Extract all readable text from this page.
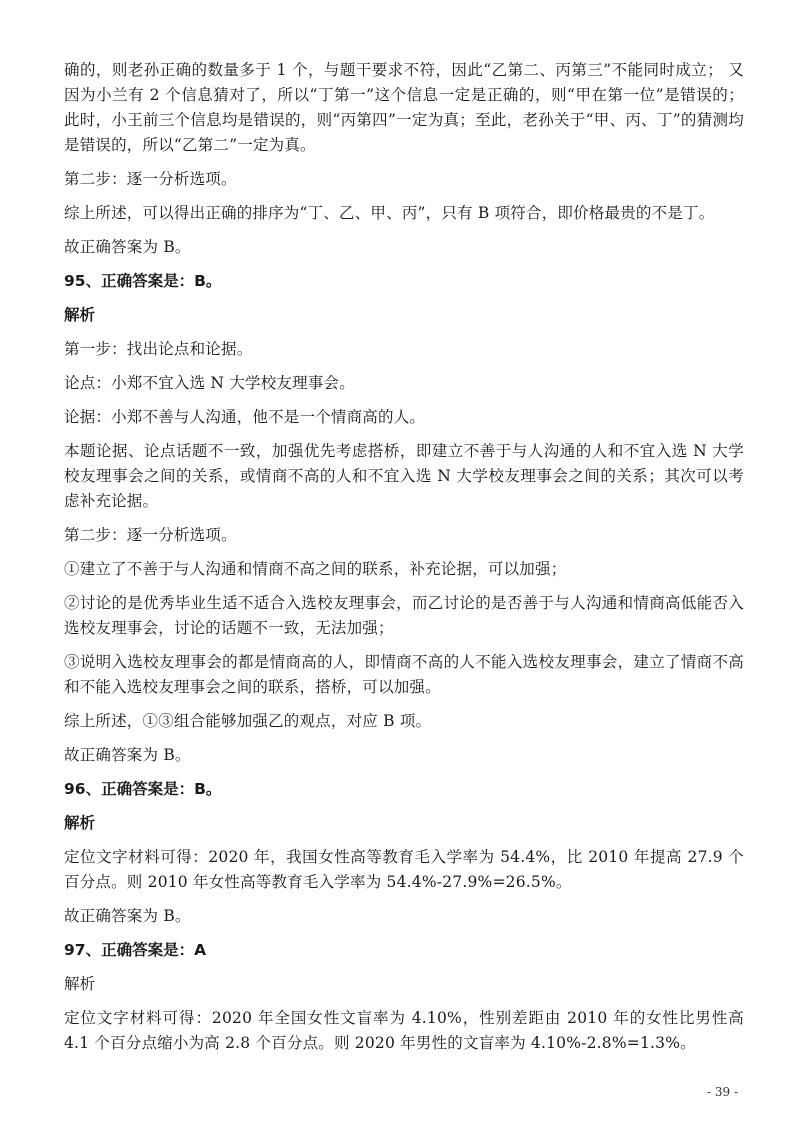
确的，则老孙正确的数量多于 1 个，与题干要求不符，因此“乙第二、丙第三”不能同时成立； 又因为小兰有 2 个信息猜对了，所以“丁第一”这个信息一定是正确的，则“甲在第一位”是错误的；此时，小王前三个信息均是错误的，则“丙第四”一定为真；至此，老孙关于“甲、丙、丁”的猜测均是错误的，所以“乙第二”一定为真。

第二步：逐一分析选项。

综上所述，可以得出正确的排序为“丁、乙、甲、丙”，只有 B 项符合，即价格最贵的不是丁。

故正确答案为 B。

95、正确答案是：B。

解析

第一步：找出论点和论据。

论点：小郑不宜入选 N 大学校友理事会。

论据：小郑不善与人沟通，他不是一个情商高的人。

本题论据、论点话题不一致，加强优先考虑搭桥，即建立不善于与人沟通的人和不宜入选 N 大学校友理事会之间的关系，或情商不高的人和不宜入选 N 大学校友理事会之间的关系；其次可以考虑补充论据。

第二步：逐一分析选项。

①建立了不善于与人沟通和情商不高之间的联系，补充论据，可以加强；

②讨论的是优秀毕业生适不适合入选校友理事会，而乙讨论的是否善于与人沟通和情商高低能否入选校友理事会，讨论的话题不一致，无法加强；

③说明入选校友理事会的都是情商高的人，即情商不高的人不能入选校友理事会，建立了情商不高和不能入选校友理事会之间的联系，搭桥，可以加强。

综上所述，①③组合能够加强乙的观点，对应 B 项。

故正确答案为 B。

96、正确答案是：B。

解析

定位文字材料可得：2020 年，我国女性高等教育毛入学率为 54.4%，比 2010 年提高 27.9 个百分点。则 2010 年女性高等教育毛入学率为 54.4%-27.9%=26.5%。

故正确答案为 B。

97、正确答案是：A

解析

定位文字材料可得：2020 年全国女性文盲率为 4.10%，性别差距由 2010 年的女性比男性高 4.1 个百分点缩小为高 2.8 个百分点。则 2020 年男性的文盲率为 4.10%-2.8%=1.3%。

- 39 -
